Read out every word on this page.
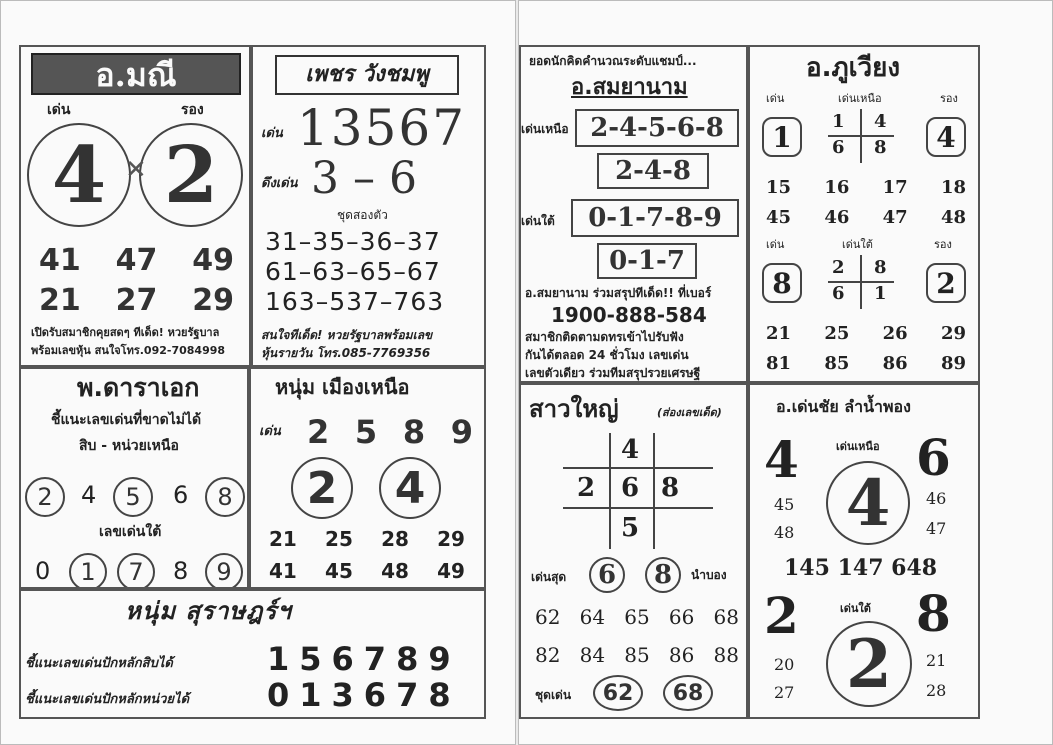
อ.มณี
เด่น	รอง
4 2
✕
41 47 49
21 27 29
เปิดรับสมาชิกคุยสดๆ ทีเด็ด! หวยรัฐบาล
พร้อมเลขหุ้น สนใจโทร.092-7084998
เพชร วังชมพู
เด่น 13567
ดึงเด่น 3 – 6
ชุดสองตัว
31–35–36–37
61–63–65–67
163–537–763
สนใจทีเด็ด! หวยรัฐบาลพร้อมเลข
หุ้นรายวัน โทร.085-7769356
พ.ดาราเอก
ชี้แนะเลขเด่นที่ขาดไม่ได้
สิบ - หน่วยเหนือ
2	4	5	6	8
เลขเด่นใต้
0	1	7	8	9
หนุ่ม เมืองเหนือ
เด่น 2 5 8 9
2	4
21 25 28 29
41 45 48 49
หนุ่ม สุราษฎร์ฯ
ชี้แนะเลขเด่นปักหลักสิบได้	156789
ชี้แนะเลขเด่นปักหลักหน่วยได้ 013678
ยอดนักคิดคำนวณระดับแชมป์...
อ.สมยานาม
เด่นเหนือ 2-4-5-6-8
2-4-8
เด่นใต้	0-1-7-8-9
0-1-7
อ.สมยานาม ร่วมสรุปทีเด็ด!! ที่เบอร์
1900-888-584
สมาชิกติดตามดทรเข้าไปรับฟัง
กันได้ตลอด 24 ชั่วโมง เลขเด่น
เลขตัวเดียว ร่วมทีมสรุปรวยเศรษฐี
อ.ภูเวียง
เด่น	เด่นเหนือ	รอง
1	1 4
6 8	4
15 16 17 18
45 46 47 48
เด่น	เด่นใต้	รอง
8	2 8
6 1	2
21 25 26 29
81 85 86 89
สาวใหญ่	(ส่องเลขเด็ด)
4
2 6 8
5
เด่นสุด	6	8	นำบอง
62 64 65 66 68
82 84 85 86 88
ชุดเด่น	62	68
อ.เด่นชัย ลำน้ำพอง
4	เด่นเหนือ 6
4
45
48
46
47
145 147 648
2	เด่นใต้ 8
2
20
27
21
28
